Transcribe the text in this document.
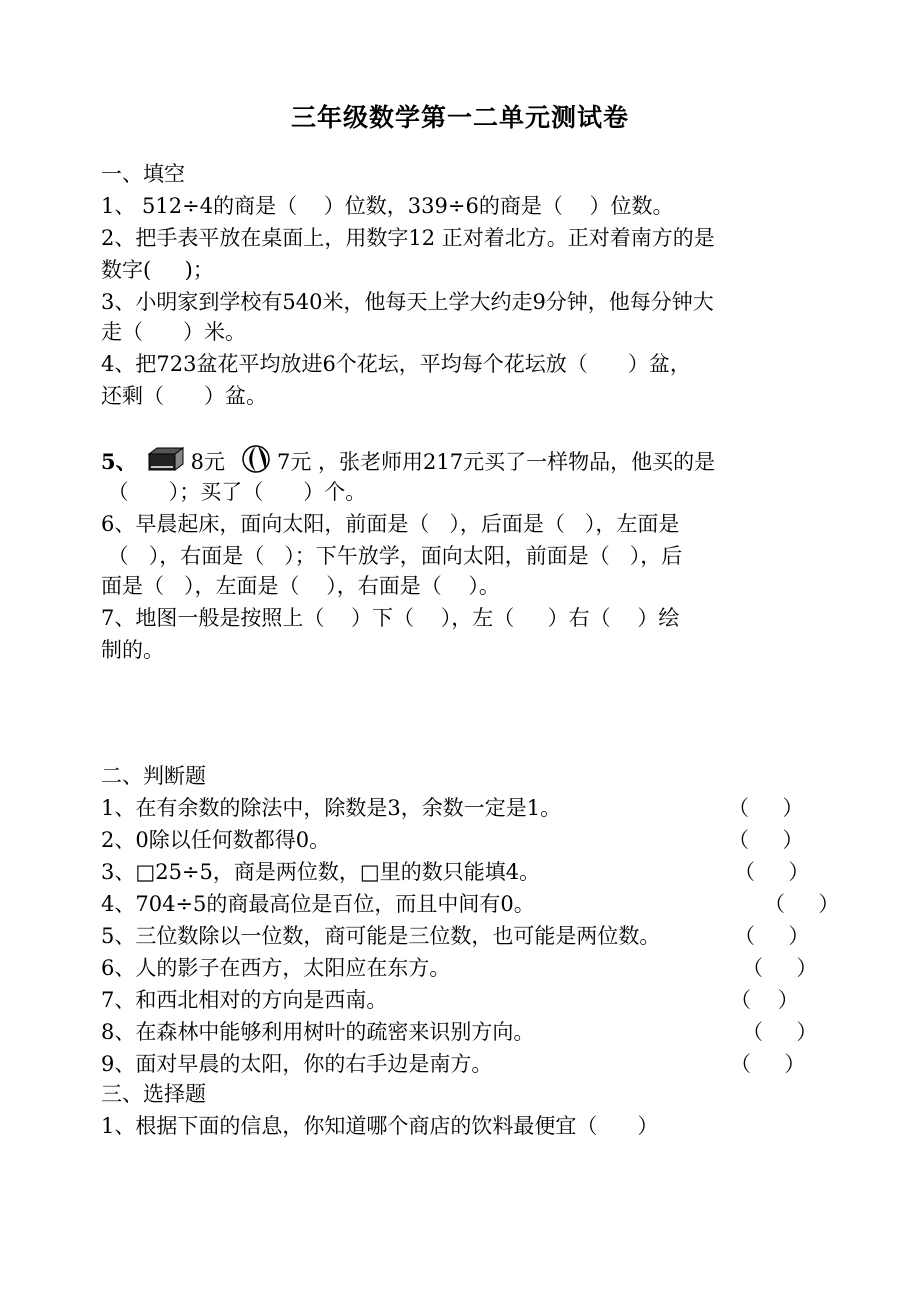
三年级数学第一二单元测试卷
一、填空
1、 512÷4的商是（    ）位数，339÷6的商是（    ）位数。
2、把手表平放在桌面上，用数字12 正对着北方。正对着南方的是
数字(     )；
3、小明家到学校有540米，他每天上学大约走9分钟，他每分钟大
走（      ）米。
4、把723盆花平均放进6个花坛，平均每个花坛放（      ）盆，
还剩（      ）盆。
5、	8元 7元 ，张老师用217元买了一样物品，他买的是
（      ）；买了（      ）个。
6、早晨起床，面向太阳，前面是（   ），后面是（   ），左面是
（   ），右面是（   ）；下午放学，面向太阳，前面是（   ），后
面是（   ），左面是（    ），右面是（    ）。
7、地图一般是按照上（    ）下（    ），左（     ）右（    ）绘
制的。
二、判断题
1、在有余数的除法中，除数是3，余数一定是1。	（     ）
2、0除以任何数都得0。	（     ）
3、□25÷5，商是两位数，□里的数只能填4。	（     ）
4、704÷5的商最高位是百位，而且中间有0。	（     ）
5、三位数除以一位数，商可能是三位数，也可能是两位数。	（     ）
6、人的影子在西方，太阳应在东方。	（     ）
7、和西北相对的方向是西南。	（    ）
8、在森林中能够利用树叶的疏密来识别方向。	（     ）
9、面对早晨的太阳，你的右手边是南方。	（     ）
三、选择题
1、根据下面的信息，你知道哪个商店的饮料最便宜（      ）
